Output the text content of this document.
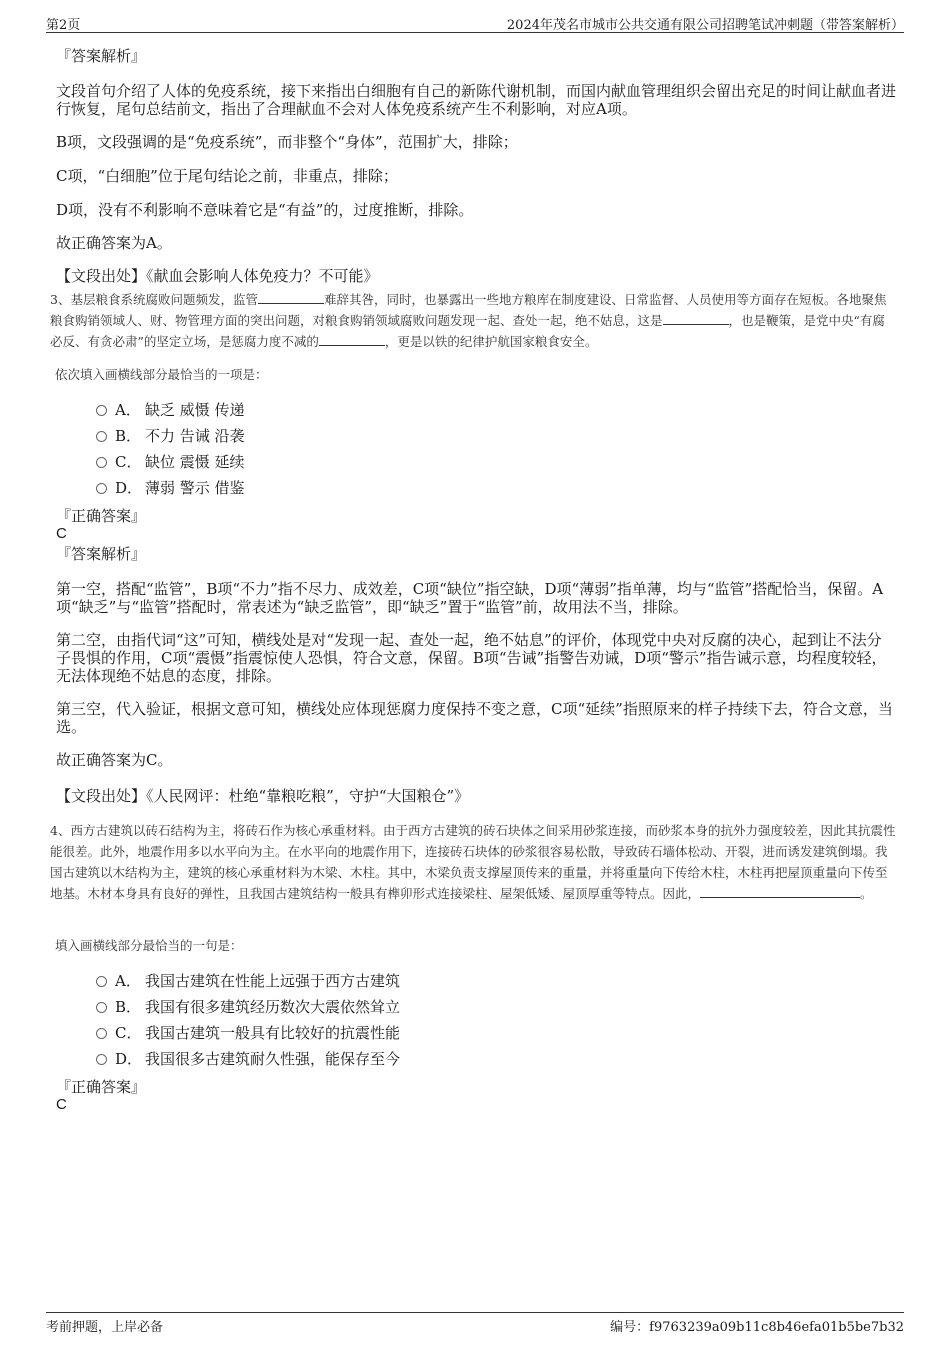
第2页	2024年茂名市城市公共交通有限公司招聘笔试冲刺题（带答案解析）
『答案解析』
文段首句介绍了人体的免疫系统，接下来指出白细胞有自己的新陈代谢机制，而国内献血管理组织会留出充足的时间让献血者进行恢复，尾句总结前文，指出了合理献血不会对人体免疫系统产生不利影响，对应A项。
B项，文段强调的是“免疫系统”，而非整个“身体”，范围扩大，排除；
C项，“白细胞”位于尾句结论之前，非重点，排除；
D项，没有不利影响不意味着它是“有益”的，过度推断，排除。
故正确答案为A。
【文段出处】《献血会影响人体免疫力？不可能》
3、基层粮食系统腐败问题频发，监管	难辞其咎，同时，也暴露出一些地方粮库在制度建设、日常监督、人员使用等方面存在短板。各地聚焦粮食购销领域人、财、物管理方面的突出问题，对粮食购销领域腐败问题发现一起、查处一起，绝不姑息，这是	，也是鞭策，是党中央“有腐必反、有贪必肃”的坚定立场，是惩腐力度不减的	，更是以铁的纪律护航国家粮食安全。
依次填入画横线部分最恰当的一项是：
A． 缺乏 威慑 传递
B． 不力 告诫 沿袭
C． 缺位 震慑 延续
D． 薄弱 警示 借鉴
『正确答案』
C
『答案解析』
第一空，搭配“监管”，B项“不力”指不尽力、成效差，C项“缺位”指空缺，D项“薄弱”指单薄，均与“监管”搭配恰当，保留。A项“缺乏”与“监管”搭配时，常表述为“缺乏监管”，即“缺乏”置于“监管”前，故用法不当，排除。
第二空，由指代词“这”可知，横线处是对“发现一起、查处一起，绝不姑息”的评价，体现党中央对反腐的决心，起到让不法分子畏惧的作用，C项“震慑”指震惊使人恐惧，符合文意，保留。B项“告诫”指警告劝诫，D项“警示”指告诫示意，均程度较轻，无法体现绝不姑息的态度，排除。
第三空，代入验证，根据文意可知，横线处应体现惩腐力度保持不变之意，C项“延续”指照原来的样子持续下去，符合文意，当选。
故正确答案为C。
【文段出处】《人民网评：杜绝“靠粮吃粮”，守护“大国粮仓”》
4、西方古建筑以砖石结构为主，将砖石作为核心承重材料。由于西方古建筑的砖石块体之间采用砂浆连接，而砂浆本身的抗外力强度较差，因此其抗震性能很差。此外，地震作用多以水平向为主。在水平向的地震作用下，连接砖石块体的砂浆很容易松散，导致砖石墙体松动、开裂，进而诱发建筑倒塌。我国古建筑以木结构为主，建筑的核心承重材料为木梁、木柱。其中，木梁负责支撑屋顶传来的重量，并将重量向下传给木柱，木柱再把屋顶重量向下传至地基。木材本身具有良好的弹性，且我国古建筑结构一般具有榫卯形式连接梁柱、屋架低矮、屋顶厚重等特点。因此，	。
填入画横线部分最恰当的一句是：
A． 我国古建筑在性能上远强于西方古建筑
B． 我国有很多建筑经历数次大震依然耸立
C． 我国古建筑一般具有比较好的抗震性能
D． 我国很多古建筑耐久性强，能保存至今
『正确答案』
C
考前押题，上岸必备	编号：f9763239a09b11c8b46efa01b5be7b32
